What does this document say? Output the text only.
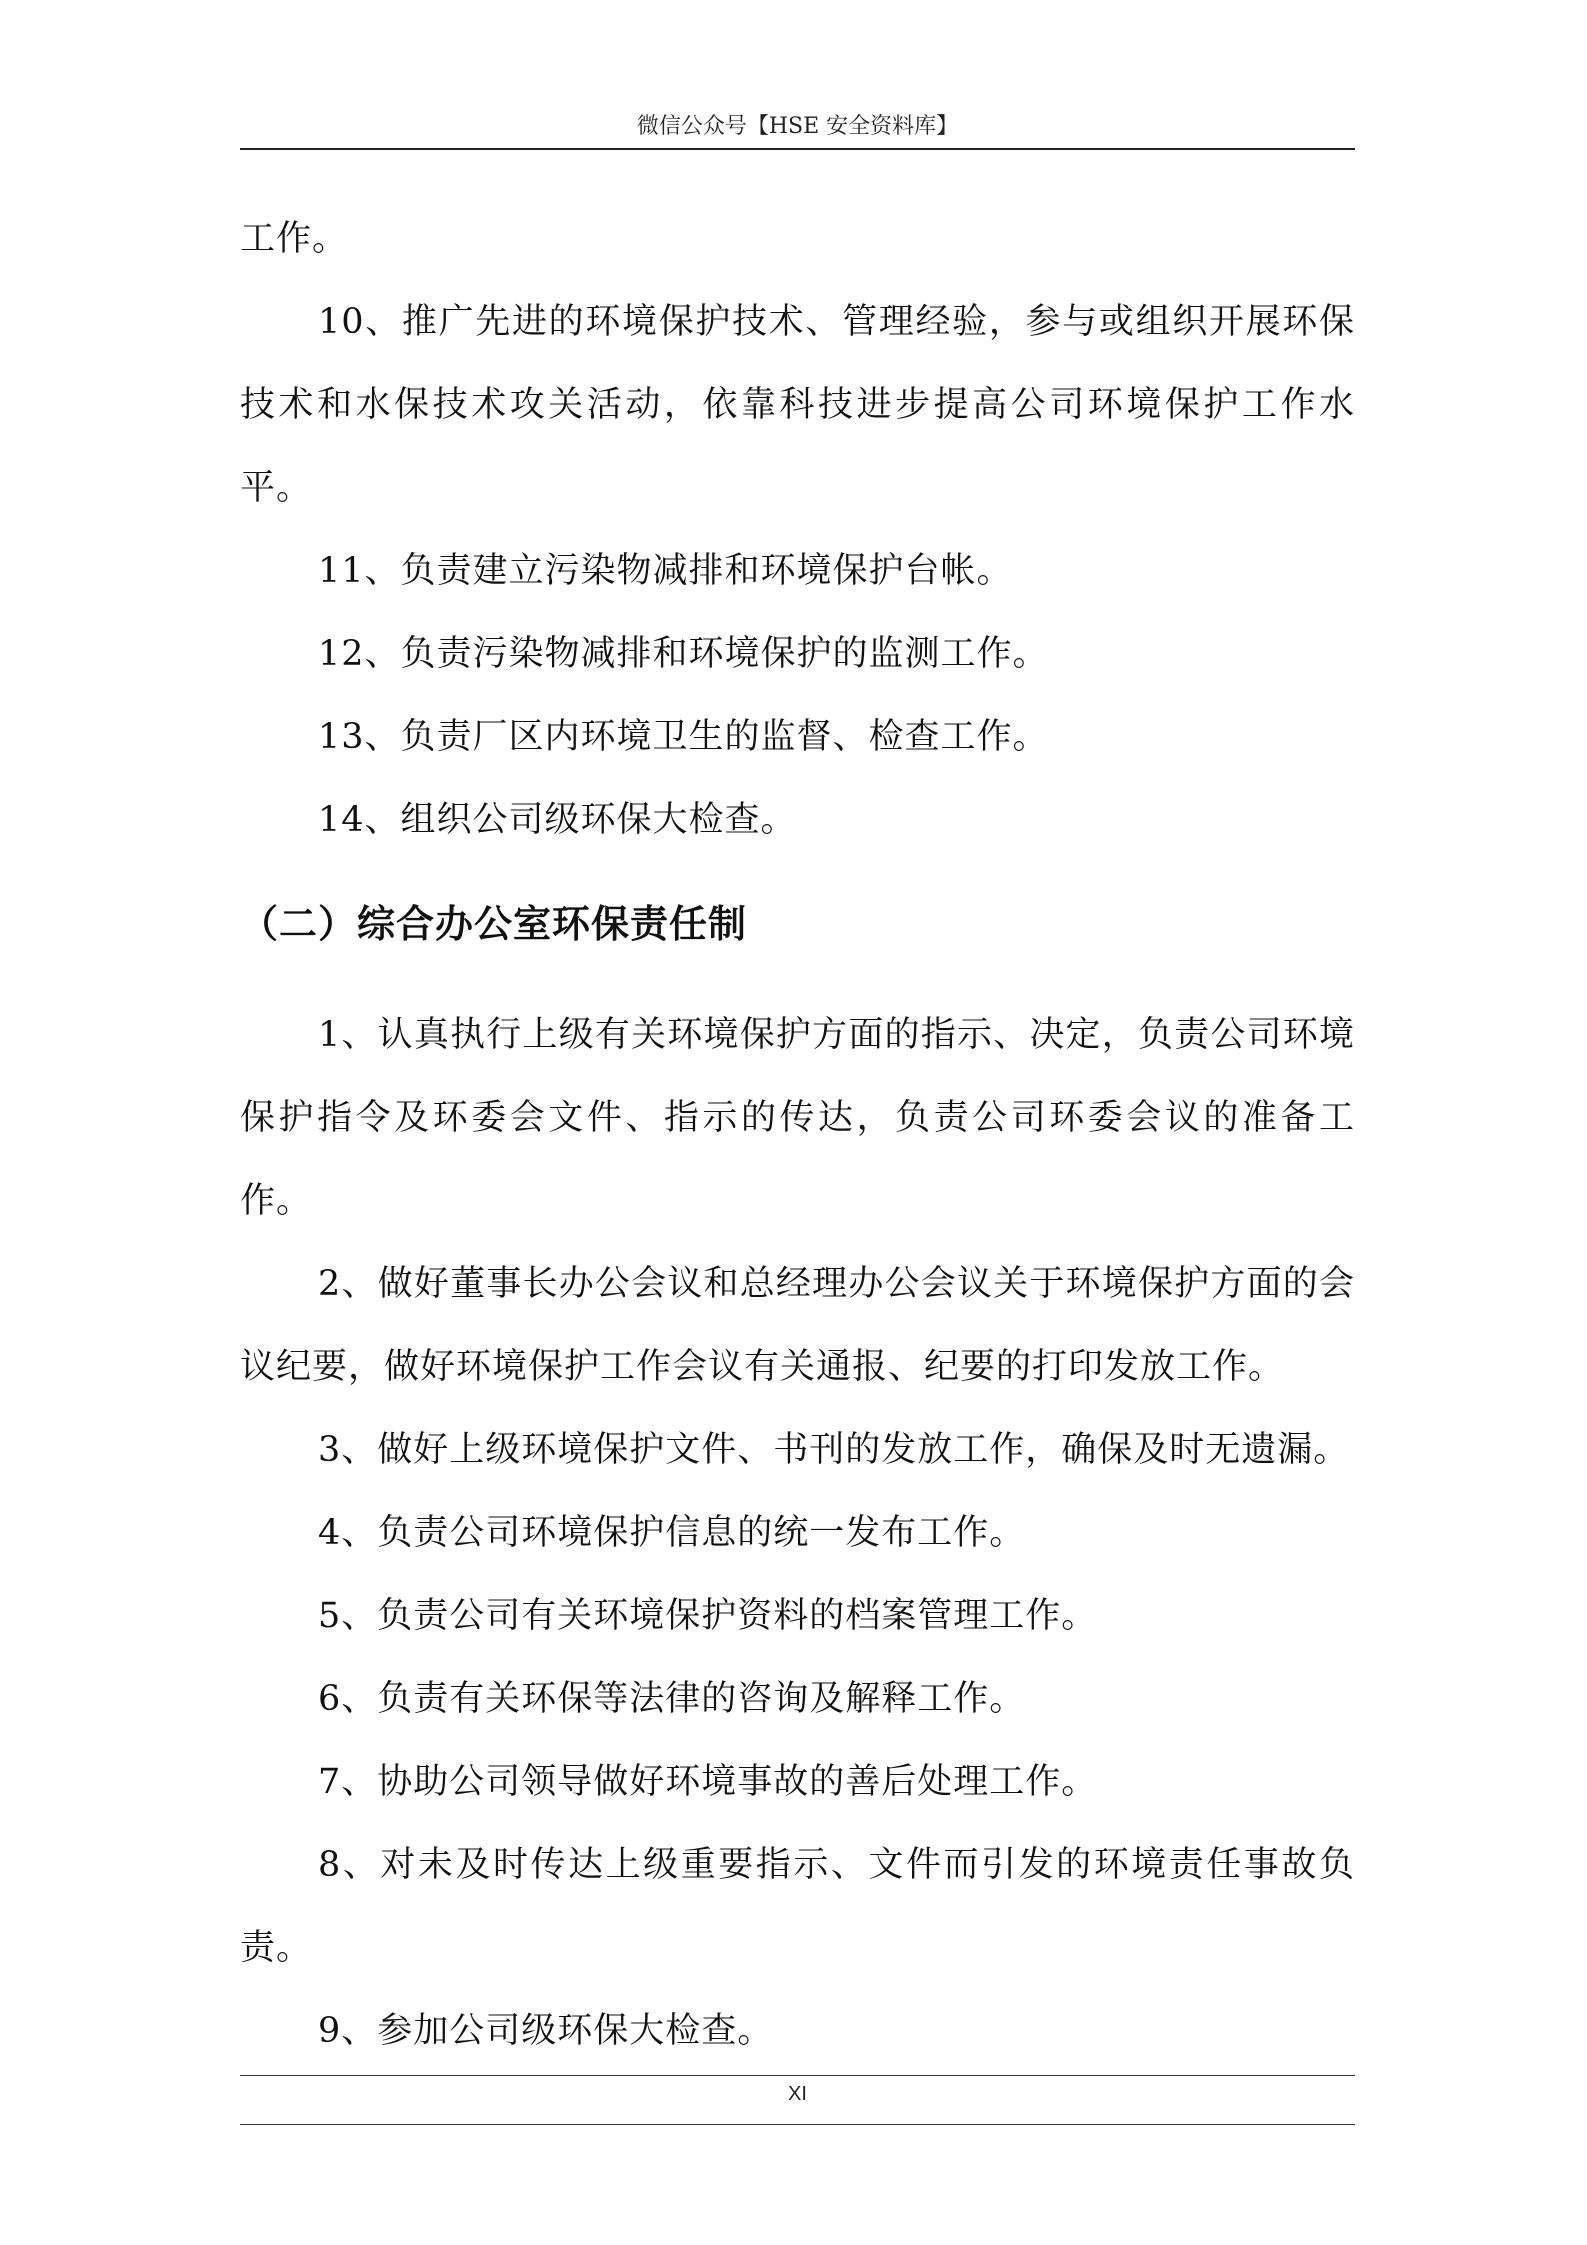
微信公众号【HSE 安全资料库】

工作。

10、推广先进的环境保护技术、管理经验，参与或组织开展环保技术和水保技术攻关活动，依靠科技进步提高公司环境保护工作水平。

11、负责建立污染物减排和环境保护台帐。

12、负责污染物减排和环境保护的监测工作。

13、负责厂区内环境卫生的监督、检查工作。

14、组织公司级环保大检查。

（二）综合办公室环保责任制

1、认真执行上级有关环境保护方面的指示、决定，负责公司环境保护指令及环委会文件、指示的传达，负责公司环委会议的准备工作。

2、做好董事长办公会议和总经理办公会议关于环境保护方面的会议纪要，做好环境保护工作会议有关通报、纪要的打印发放工作。

3、做好上级环境保护文件、书刊的发放工作，确保及时无遗漏。

4、负责公司环境保护信息的统一发布工作。

5、负责公司有关环境保护资料的档案管理工作。

6、负责有关环保等法律的咨询及解释工作。

7、协助公司领导做好环境事故的善后处理工作。

8、对未及时传达上级重要指示、文件而引发的环境责任事故负责。

9、参加公司级环保大检查。

XI
